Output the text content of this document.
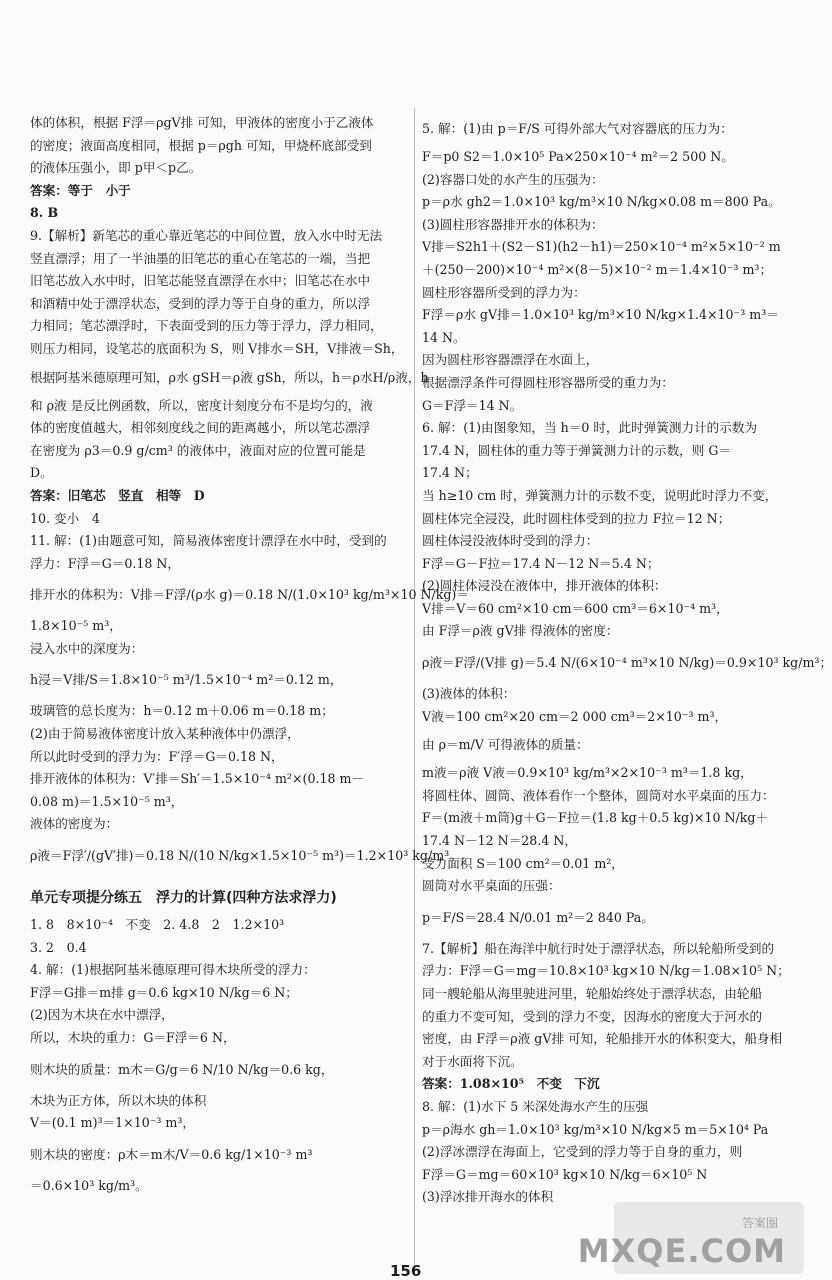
体的体积，根据 F浮＝ρgV排 可知，甲液体的密度小于乙液体
的密度；液面高度相同，根据 p＝ρgh 可知，甲烧杯底部受到
的液体压强小，即 p甲＜p乙。
答案：等于　小于
8. B
9.【解析】新笔芯的重心靠近笔芯的中间位置，放入水中时无法
竖直漂浮；用了一半油墨的旧笔芯的重心在笔芯的一端，当把
旧笔芯放入水中时，旧笔芯能竖直漂浮在水中；旧笔芯在水中
和酒精中处于漂浮状态，受到的浮力等于自身的重力，所以浮
力相同；笔芯漂浮时，下表面受到的压力等于浮力，浮力相同，
则压力相同，设笔芯的底面积为 S，则 V排水＝SH，V排液＝Sh，
根据阿基米德原理可知，ρ水 gSH＝ρ液 gSh，所以，h＝ρ水H/ρ液，h
和 ρ液 是反比例函数，所以，密度计刻度分布不是均匀的，液
体的密度值越大，相邻刻度线之间的距离越小，所以笔芯漂浮
在密度为 ρ3＝0.9 g/cm³ 的液体中，液面对应的位置可能是
D。
答案：旧笔芯　竖直　相等　D
10. 变小　4
11. 解：(1)由题意可知，简易液体密度计漂浮在水中时，受到的
浮力：F浮＝G＝0.18 N，
排开水的体积为：V排＝F浮/(ρ水 g)＝0.18 N/(1.0×10³ kg/m³×10 N/kg)＝
1.8×10⁻⁵ m³，
浸入水中的深度为：
h浸＝V排/S＝1.8×10⁻⁵ m³/1.5×10⁻⁴ m²＝0.12 m，
玻璃管的总长度为：h＝0.12 m＋0.06 m＝0.18 m；
(2)由于简易液体密度计放入某种液体中仍漂浮，
所以此时受到的浮力为：F′浮＝G＝0.18 N，
排开液体的体积为：V′排＝Sh′＝1.5×10⁻⁴ m²×(0.18 m－
0.08 m)＝1.5×10⁻⁵ m³，
液体的密度为：
ρ液＝F浮′/(gV′排)＝0.18 N/(10 N/kg×1.5×10⁻⁵ m³)＝1.2×10³ kg/m³。
单元专项提分练五　浮力的计算(四种方法求浮力)
1. 8　8×10⁻⁴　不变　2. 4.8　2　1.2×10³
3. 2　0.4
4. 解：(1)根据阿基米德原理可得木块所受的浮力：
F浮＝G排＝m排 g＝0.6 kg×10 N/kg＝6 N；
(2)因为木块在水中漂浮，
所以，木块的重力：G＝F浮＝6 N，
则木块的质量：m木＝G/g＝6 N/10 N/kg＝0.6 kg，
木块为正方体，所以木块的体积
V＝(0.1 m)³＝1×10⁻³ m³，
则木块的密度：ρ木＝m木/V＝0.6 kg/1×10⁻³ m³
＝0.6×10³ kg/m³。
5. 解：(1)由 p＝F/S 可得外部大气对容器底的压力为：
F＝p0 S2＝1.0×10⁵ Pa×250×10⁻⁴ m²＝2 500 N。
(2)容器口处的水产生的压强为：
p＝ρ水 gh2＝1.0×10³ kg/m³×10 N/kg×0.08 m＝800 Pa。
(3)圆柱形容器排开水的体积为：
V排＝S2h1＋(S2－S1)(h2－h1)＝250×10⁻⁴ m²×5×10⁻² m
＋(250－200)×10⁻⁴ m²×(8－5)×10⁻² m＝1.4×10⁻³ m³；
圆柱形容器所受到的浮力为：
F浮＝ρ水 gV排＝1.0×10³ kg/m³×10 N/kg×1.4×10⁻³ m³＝
14 N。
因为圆柱形容器漂浮在水面上，
根据漂浮条件可得圆柱形容器所受的重力为：
G＝F浮＝14 N。
6. 解：(1)由图象知，当 h＝0 时，此时弹簧测力计的示数为
17.4 N，圆柱体的重力等于弹簧测力计的示数，则 G＝
17.4 N；
当 h≥10 cm 时，弹簧测力计的示数不变，说明此时浮力不变，
圆柱体完全浸没，此时圆柱体受到的拉力 F拉＝12 N；
圆柱体浸没液体时受到的浮力：
F浮＝G－F拉＝17.4 N－12 N＝5.4 N；
(2)圆柱体浸没在液体中，排开液体的体积：
V排＝V＝60 cm²×10 cm＝600 cm³＝6×10⁻⁴ m³，
由 F浮＝ρ液 gV排 得液体的密度：
ρ液＝F浮/(V排 g)＝5.4 N/(6×10⁻⁴ m³×10 N/kg)＝0.9×10³ kg/m³；
(3)液体的体积：
V液＝100 cm²×20 cm＝2 000 cm³＝2×10⁻³ m³，
由 ρ＝m/V 可得液体的质量：
m液＝ρ液 V液＝0.9×10³ kg/m³×2×10⁻³ m³＝1.8 kg，
将圆柱体、圆筒、液体看作一个整体，圆筒对水平桌面的压力：
F＝(m液＋m筒)g＋G－F拉＝(1.8 kg＋0.5 kg)×10 N/kg＋
17.4 N－12 N＝28.4 N，
受力面积 S＝100 cm²＝0.01 m²，
圆筒对水平桌面的压强：
p＝F/S＝28.4 N/0.01 m²＝2 840 Pa。
7.【解析】船在海洋中航行时处于漂浮状态，所以轮船所受到的
浮力：F浮＝G＝mg＝10.8×10³ kg×10 N/kg＝1.08×10⁵ N；
同一艘轮船从海里驶进河里，轮船始终处于漂浮状态，由轮船
的重力不变可知，受到的浮力不变，因海水的密度大于河水的
密度，由 F浮＝ρ液 gV排 可知，轮船排开水的体积变大，船身相
对于水面将下沉。
答案：1.08×10⁵　不变　下沉
8. 解：(1)水下 5 米深处海水产生的压强
p＝ρ海水 gh＝1.0×10³ kg/m³×10 N/kg×5 m＝5×10⁴ Pa
(2)浮冰漂浮在海面上，它受到的浮力等于自身的重力，则
F浮＝G＝mg＝60×10³ kg×10 N/kg＝6×10⁵ N
(3)浮冰排开海水的体积
156
答案圈
MXQE.COM
